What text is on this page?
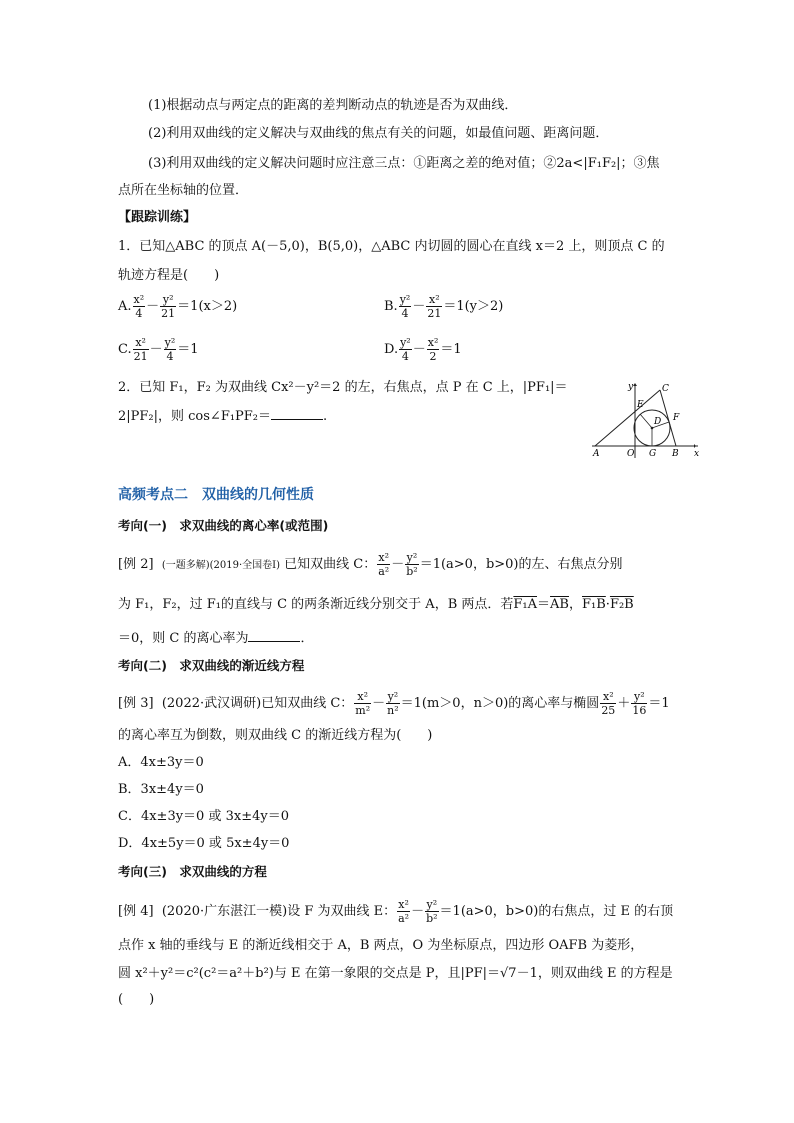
(1)根据动点与两定点的距离的差判断动点的轨迹是否为双曲线．
(2)利用双曲线的定义解决与双曲线的焦点有关的问题，如最值问题、距离问题．
(3)利用双曲线的定义解决问题时应注意三点：①距离之差的绝对值；②2a<|F₁F₂|；③焦
点所在坐标轴的位置．
【跟踪训练】
1．已知△ABC 的顶点 A(－5,0)，B(5,0)，△ABC 内切圆的圆心在直线 x＝2 上，则顶点 C 的
轨迹方程是(　　)
A. $\frac{\text{x²}}{4} - \frac{\text{y²}}{21} =1(x>2)$	B. $\frac{\text{y²}}{4} - \frac{\text{x²}}{21} =1(y>2)$
C. $\frac{\text{x²}}{21} - \frac{\text{y²}}{4} =1$	D. $\frac{\text{y²}}{4} - \frac{\text{x²}}{2} =1$
2．已知 F₁，F₂ 为双曲线 Cx²－y²＝2 的左，右焦点，点 P 在 C 上，|PF₁|＝
2|PF₂|，则 cos∠F₁PF₂＝	.
y	C
E
D F
A	O G B x
高频考点二　双曲线的几何性质
考向(一)　求双曲线的离心率(或范围)
[例 2] (一题多解)(2019·全国卷Ⅰ) 已知双曲线 C： $\frac{\text{x²}}{\text{a²}} - \frac{\text{y²}}{\text{b²}} =1(a>0$，b>0)的左、右焦点分别
为 F₁，F₂，过 F₁的直线与 C 的两条渐近线分别交于 A，B 两点．若$F_1A=\overline{AB}$，F₁B·F₂B
＝0，则 C 的离心率为	．
考向(二)　求双曲线的渐近线方程
[例 3] (2022·武汉调研)已知双曲线 C： $\frac{\text{x²}}{\text{m²}} - \frac{\text{y²}}{\text{n²}} =1(m>0$，n＞0)的离心率与椭圆 $\frac{\text{x²}}{25} + \frac{\text{y²}}{16} =1$
的离心率互为倒数，则双曲线 C 的渐近线方程为(　　)
A．4x±3y＝0
B．3x±4y＝0
C．4x±3y＝0 或 3x±4y＝0
D．4x±5y＝0 或 5x±4y＝0
考向(三)　求双曲线的方程
[例 4] (2020·广东湛江一模)设 F 为双曲线 E： $\frac{\text{x²}}{\text{a²}} - \frac{\text{y²}}{\text{b²}} =1(a>0$，b>0)的右焦点，过 E 的右顶
点作 x 轴的垂线与 E 的渐近线相交于 A，B 两点，O 为坐标原点，四边形 OAFB 为菱形，
圆 x²＋y²＝c²(c²＝a²＋b²)与 E 在第一象限的交点是 P，且|PF|＝√7－1，则双曲线 E 的方程是
(　　)
